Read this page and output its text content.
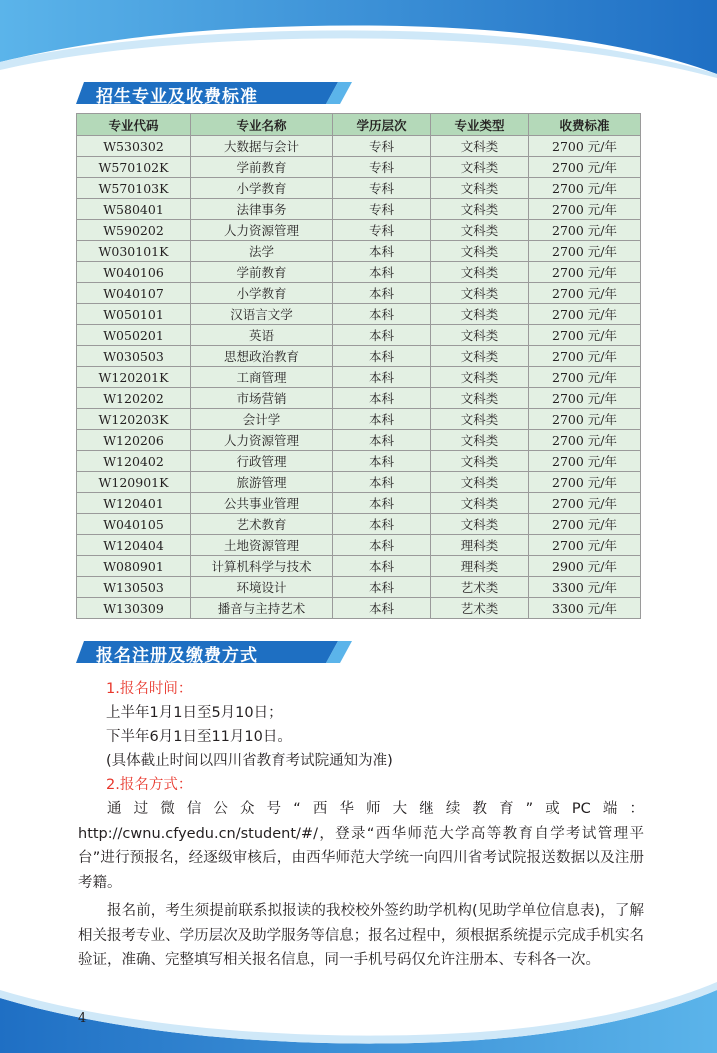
招生专业及收费标准
专业代码	专业名称	学历层次	专业类型	收费标准
W530302	大数据与会计	专科	文科类	2700 元/年
W570102K	学前教育	专科	文科类	2700 元/年
W570103K	小学教育	专科	文科类	2700 元/年
W580401	法律事务	专科	文科类	2700 元/年
W590202	人力资源管理	专科	文科类	2700 元/年
W030101K	法学	本科	文科类	2700 元/年
W040106	学前教育	本科	文科类	2700 元/年
W040107	小学教育	本科	文科类	2700 元/年
W050101	汉语言文学	本科	文科类	2700 元/年
W050201	英语	本科	文科类	2700 元/年
W030503	思想政治教育	本科	文科类	2700 元/年
W120201K	工商管理	本科	文科类	2700 元/年
W120202	市场营销	本科	文科类	2700 元/年
W120203K	会计学	本科	文科类	2700 元/年
W120206	人力资源管理	本科	文科类	2700 元/年
W120402	行政管理	本科	文科类	2700 元/年
W120901K	旅游管理	本科	文科类	2700 元/年
W120401	公共事业管理	本科	文科类	2700 元/年
W040105	艺术教育	本科	文科类	2700 元/年
W120404	土地资源管理	本科	理科类	2700 元/年
W080901	计算机科学与技术	本科	理科类	2900 元/年
W130503	环境设计	本科	艺术类	3300 元/年
W130309	播音与主持艺术	本科	艺术类	3300 元/年
报名注册及缴费方式
1.报名时间：
上半年1月1日至5月10日；
下半年6月1日至11月10日。
(具体截止时间以四川省教育考试院通知为准)
2.报名方式：
通过微信公众号“西华师大继续教育”或PC端：http://cwnu.cfyedu.cn/student/#/，登录“西华师范大学高等教育自学考试管理平台”进行预报名，经逐级审核后，由西华师范大学统一向四川省考试院报送数据以及注册考籍。
报名前，考生须提前联系拟报读的我校校外签约助学机构(见助学单位信息表)，了解相关报考专业、学历层次及助学服务等信息；报名过程中，须根据系统提示完成手机实名验证，准确、完整填写相关报名信息，同一手机号码仅允许注册本、专科各一次。
4
